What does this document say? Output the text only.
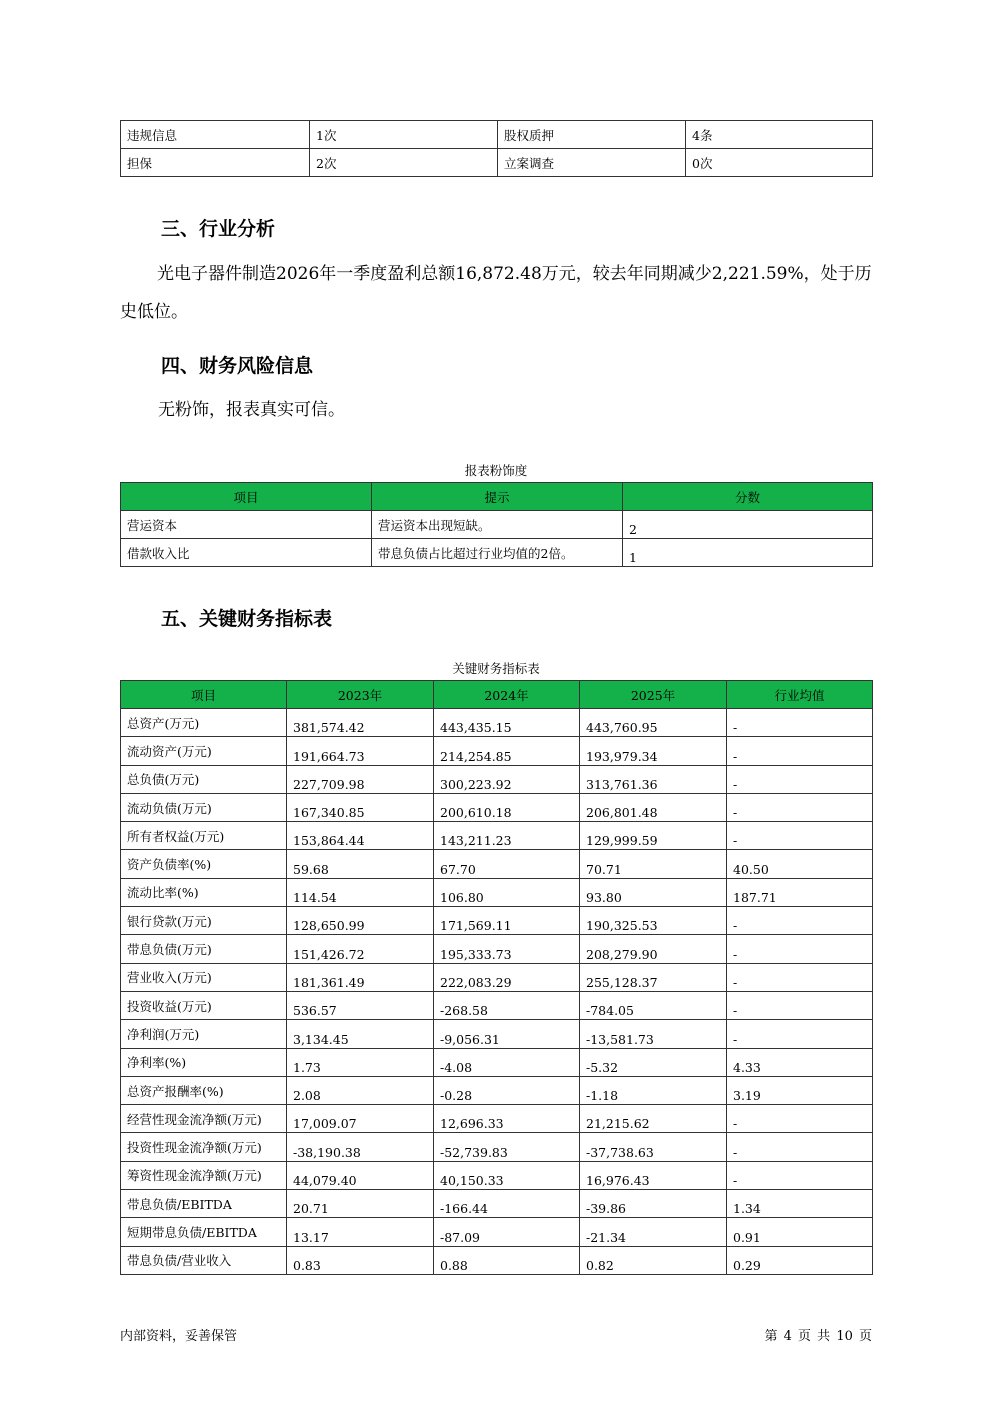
违规信息	1次	股权质押	4条
担保	2次	立案调查	0次
三、行业分析

光电子器件制造2026年一季度盈利总额16,872.48万元，较去年同期减少2,221.59%，处于历

史低位。

四、财务风险信息

无粉饰，报表真实可信。

报表粉饰度

项目	提示	分数
营运资本	营运资本出现短缺。	2
借款收入比	带息负债占比超过行业均值的2倍。	1
五、关键财务指标表

关键财务指标表

项目	2023年	2024年	2025年	行业均值
总资产(万元)	381,574.42	443,435.15	443,760.95	-
流动资产(万元)	191,664.73	214,254.85	193,979.34	-
总负债(万元)	227,709.98	300,223.92	313,761.36	-
流动负债(万元)	167,340.85	200,610.18	206,801.48	-
所有者权益(万元)	153,864.44	143,211.23	129,999.59	-
资产负债率(%)	59.68	67.70	70.71	40.50
流动比率(%)	114.54	106.80	93.80	187.71
银行贷款(万元)	128,650.99	171,569.11	190,325.53	-
带息负债(万元)	151,426.72	195,333.73	208,279.90	-
营业收入(万元)	181,361.49	222,083.29	255,128.37	-
投资收益(万元)	536.57	-268.58	-784.05	-
净利润(万元)	3,134.45	-9,056.31	-13,581.73	-
净利率(%)	1.73	-4.08	-5.32	4.33
总资产报酬率(%)	2.08	-0.28	-1.18	3.19
经营性现金流净额(万元)	17,009.07	12,696.33	21,215.62	-
投资性现金流净额(万元)	-38,190.38	-52,739.83	-37,738.63	-
筹资性现金流净额(万元)	44,079.40	40,150.33	16,976.43	-
带息负债/EBITDA	20.71	-166.44	-39.86	1.34
短期带息负债/EBITDA	13.17	-87.09	-21.34	0.91
带息负债/营业收入	0.83	0.88	0.82	0.29
内部资料，妥善保管	第 4 页 共 10 页
